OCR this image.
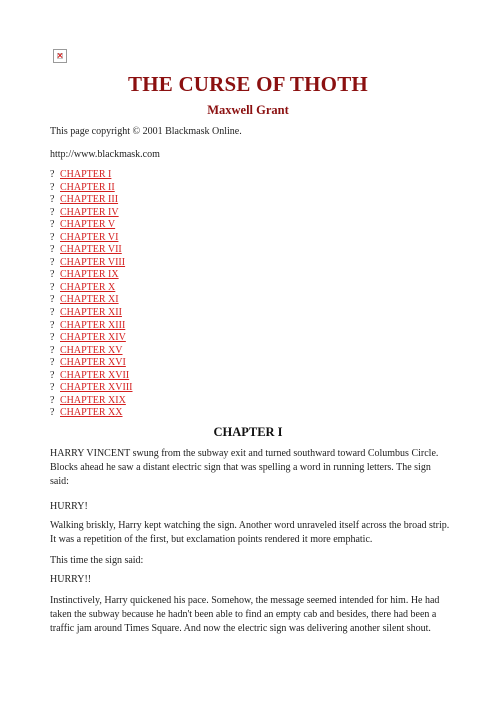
THE CURSE OF THOTH
Maxwell Grant
This page copyright © 2001 Blackmask Online.
http://www.blackmask.com
? CHAPTER I
? CHAPTER II
? CHAPTER III
? CHAPTER IV
? CHAPTER V
? CHAPTER VI
? CHAPTER VII
? CHAPTER VIII
? CHAPTER IX
? CHAPTER X
? CHAPTER XI
? CHAPTER XII
? CHAPTER XIII
? CHAPTER XIV
? CHAPTER XV
? CHAPTER XVI
? CHAPTER XVII
? CHAPTER XVIII
? CHAPTER XIX
? CHAPTER XX
CHAPTER I

HARRY VINCENT swung from the subway exit and turned southward toward Columbus Circle. Blocks ahead he saw a distant electric sign that was spelling a word in running letters. The sign said:

HURRY!

Walking briskly, Harry kept watching the sign. Another word unraveled itself across the broad strip. It was a repetition of the first, but exclamation points rendered it more emphatic.

This time the sign said:

HURRY!!

Instinctively, Harry quickened his pace. Somehow, the message seemed intended for him. He had taken the subway because he hadn't been able to find an empty cab and besides, there had been a traffic jam around Times Square. And now the electric sign was delivering another silent shout.
